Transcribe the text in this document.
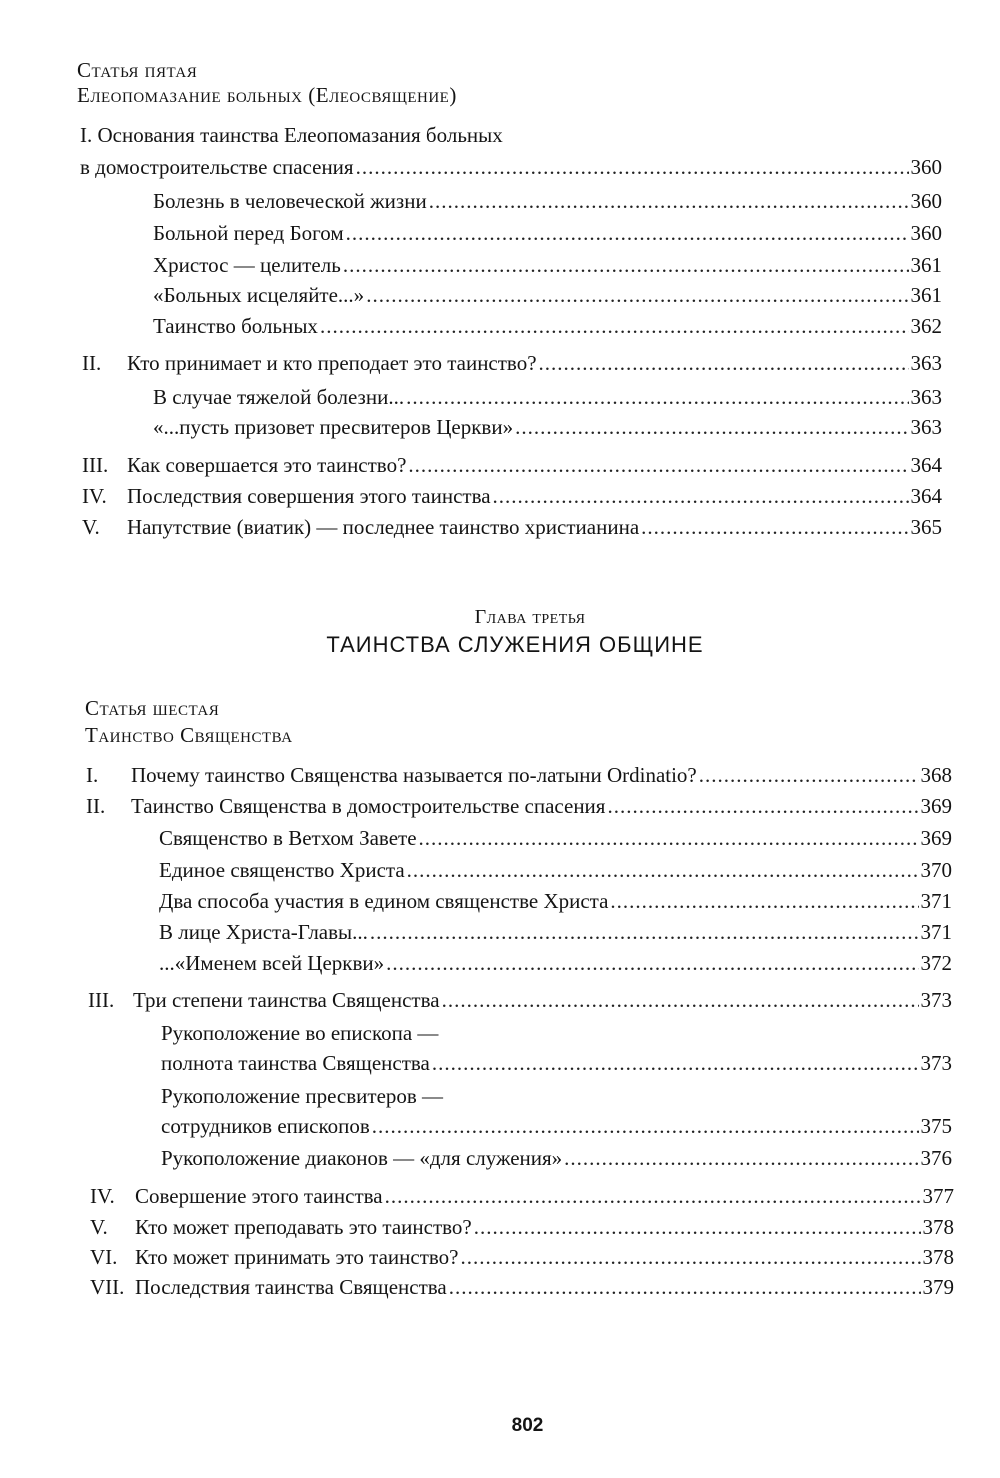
Статья пятая
Елеопомазание больных (Елеосвящение)
I. Основания таинства Елеопомазания больных
в домостроительстве спасения .....	360
Болезнь в человеческой жизни .....	360
Больной перед Богом .....	360
Христос — целитель .....	361
«Больных исцеляйте...» .....	361
Таинство больных .....	362
II.	Кто принимает и кто преподает это таинство? .....	363
В случае тяжелой болезни... .....	363
«...пусть призовет пресвитеров Церкви» .....	363
III. Как совершается это таинство? .....	364
IV. Последствия совершения этого таинства .....	364
V.	Напутствие (виатик) — последнее таинство христианина .....	365
Глава третья
ТАИНСТВА СЛУЖЕНИЯ ОБЩИНЕ
Статья шестая
Таинство Священства
I.	Почему таинство Священства называется по-латыни Ordinatio? .....	368
II.	Таинство Священства в домостроительстве спасения .....	369
Священство в Ветхом Завете .....	369
Единое священство Христа .....	370
Два способа участия в едином священстве Христа .....	371
В лице Христа-Главы... .....	371
...«Именем всей Церкви» .....	372
III. Три степени таинства Священства .....	373
Рукоположение во епископа —
полнота таинства Священства .....	373
Рукоположение пресвитеров —
сотрудников епископов .....	375
Рукоположение диаконов — «для служения» .....	376
IV. Совершение этого таинства .....	377
V.	Кто может преподавать это таинство? .....	378
VI. Кто может принимать это таинство? .....	378
VII. Последствия таинства Священства .....	379
802
